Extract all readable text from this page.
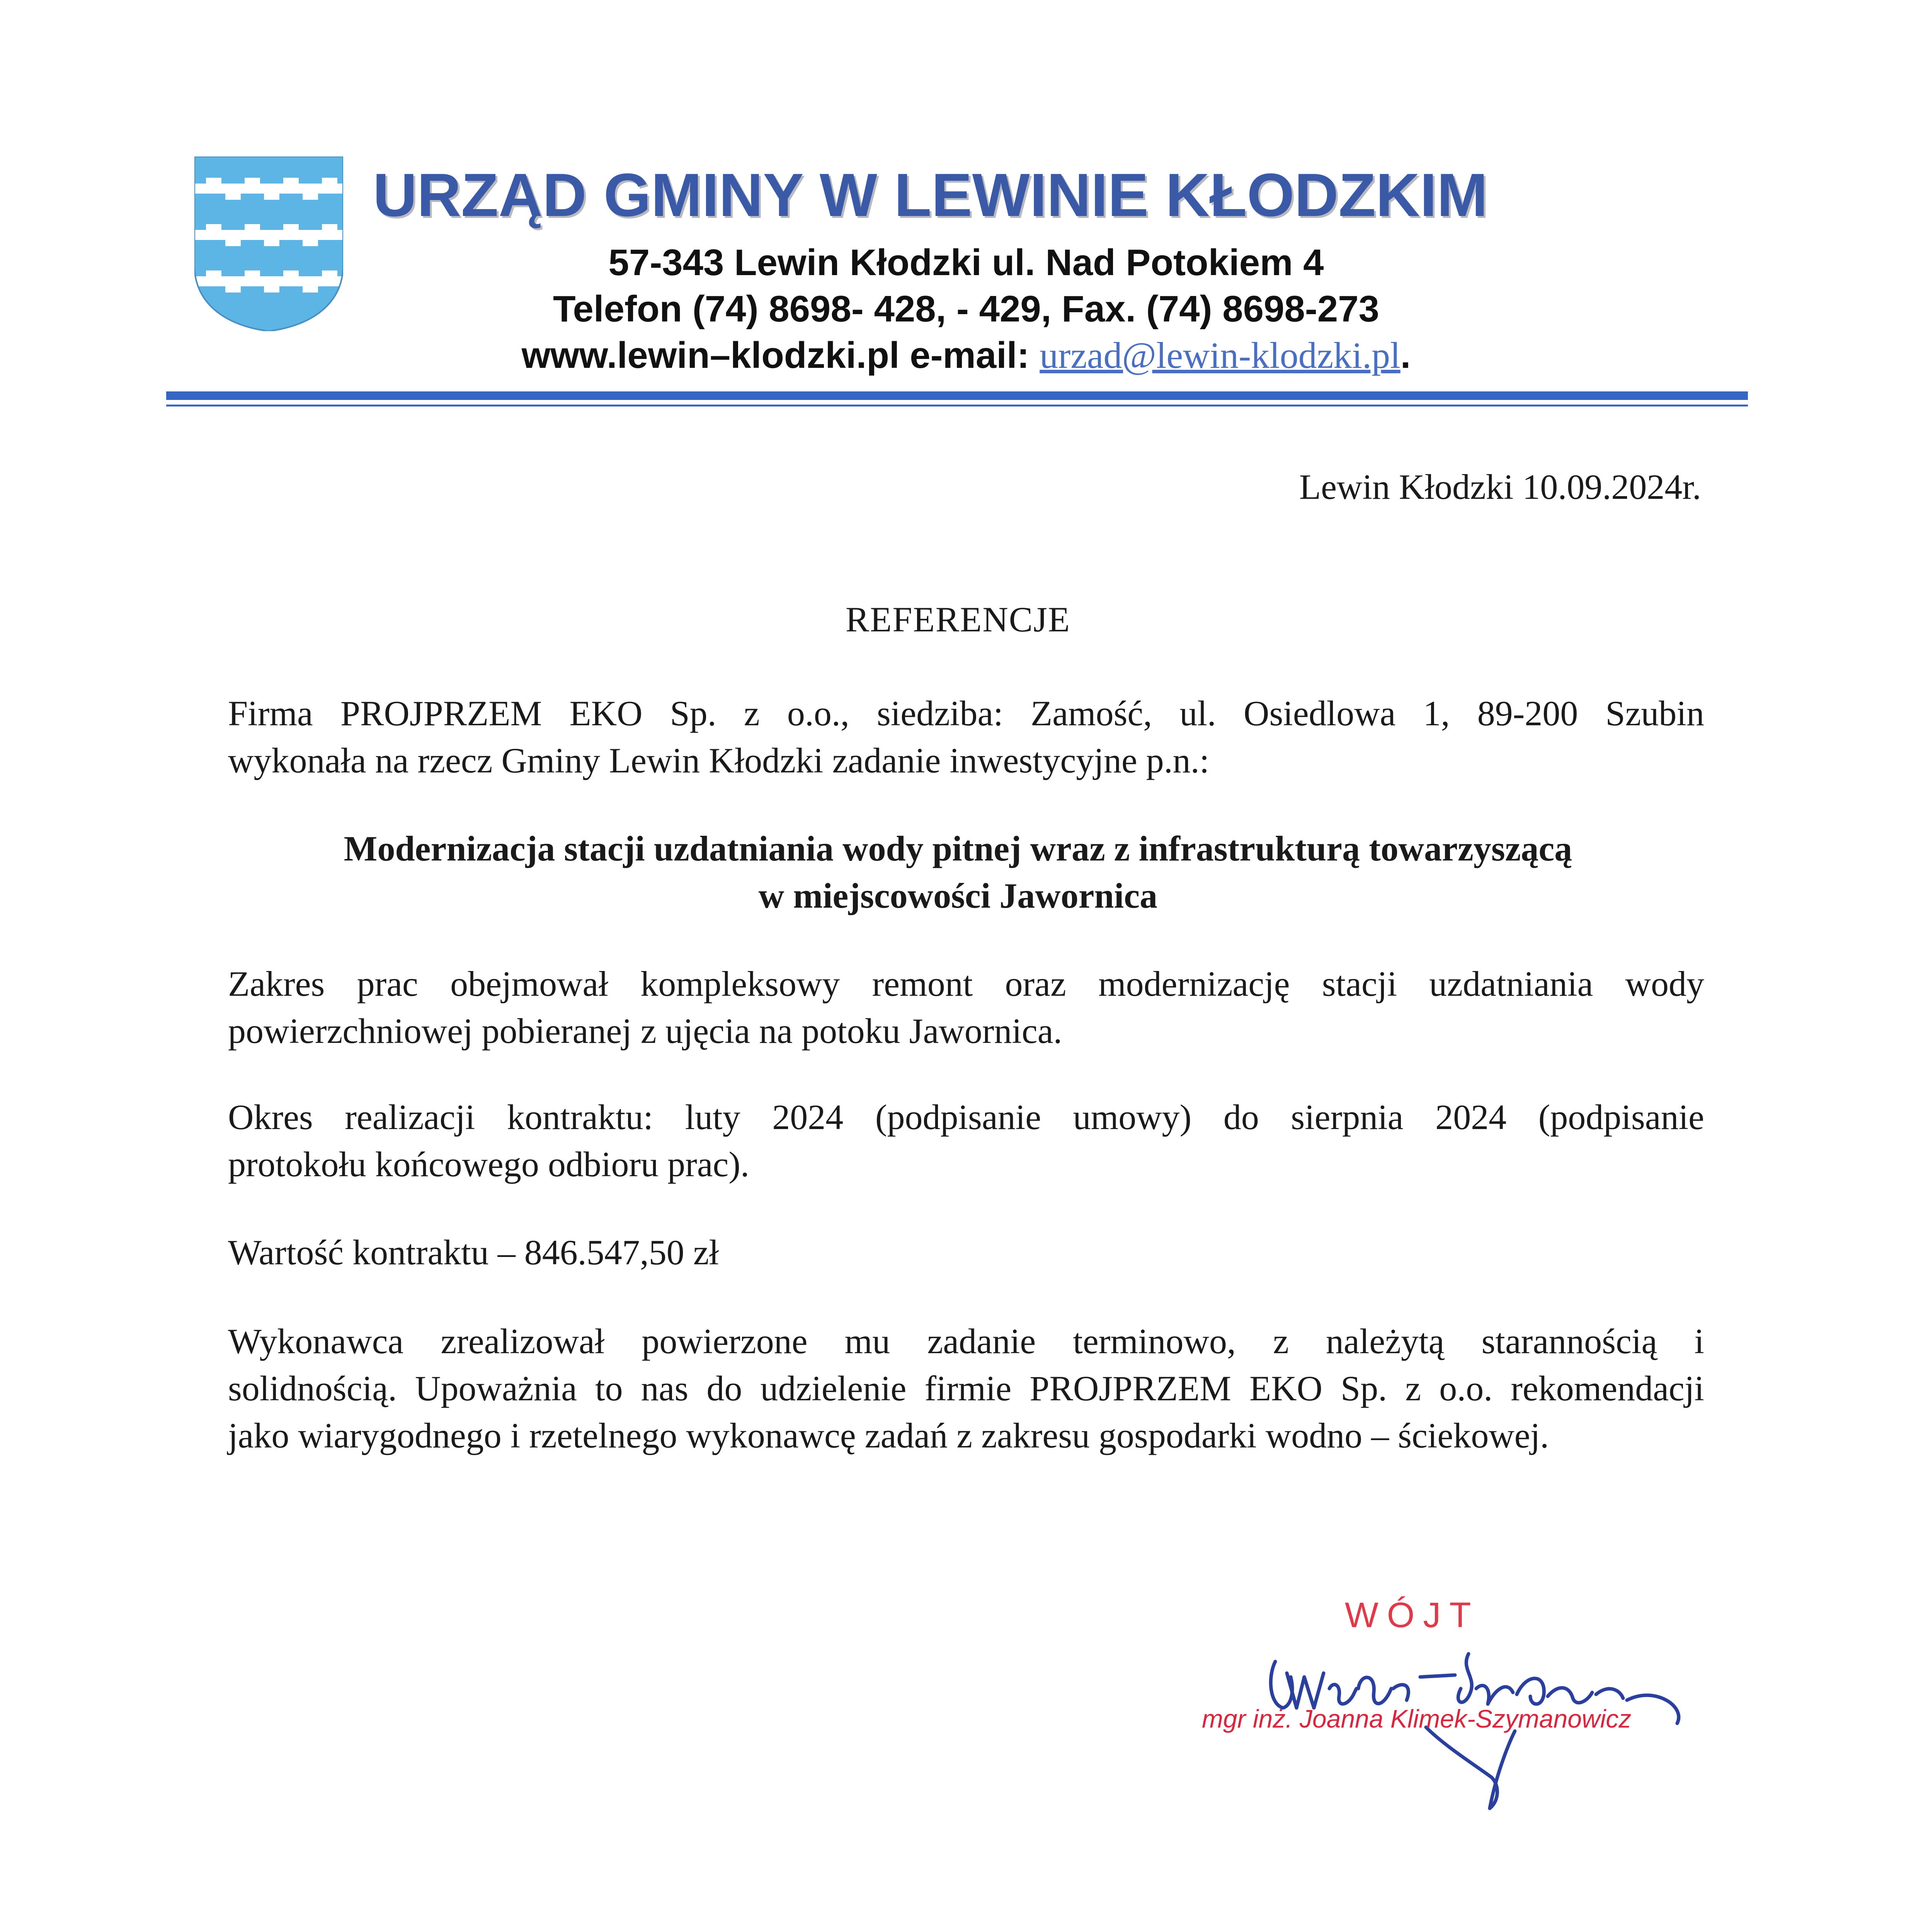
URZĄD GMINY W LEWINIE KŁODZKIM
57-343 Lewin Kłodzki ul. Nad Potokiem 4
Telefon (74) 8698- 428, - 429, Fax. (74) 8698-273
www.lewin–klodzki.pl e-mail: urzad@lewin-klodzki.pl.
Lewin Kłodzki 10.09.2024r.
REFERENCJE
Firma PROJPRZEM EKO Sp. z o.o., siedziba: Zamość, ul. Osiedlowa 1, 89-200 Szubin
wykonała na rzecz Gminy Lewin Kłodzki zadanie inwestycyjne p.n.:
Modernizacja stacji uzdatniania wody pitnej wraz z infrastrukturą towarzyszącą
w miejscowości Jawornica
Zakres prac obejmował kompleksowy remont oraz modernizację stacji uzdatniania wody
powierzchniowej pobieranej z ujęcia na potoku Jawornica.
Okres realizacji kontraktu: luty 2024 (podpisanie umowy) do sierpnia 2024 (podpisanie
protokołu końcowego odbioru prac).
Wartość kontraktu – 846.547,50 zł
Wykonawca zrealizował powierzone mu zadanie terminowo, z należytą starannością i
solidnością. Upoważnia to nas do udzielenie firmie PROJPRZEM EKO Sp. z o.o. rekomendacji
jako wiarygodnego i rzetelnego wykonawcę zadań z zakresu gospodarki wodno – ściekowej.
WÓJT
mgr inż. Joanna Klimek-Szymanowicz
